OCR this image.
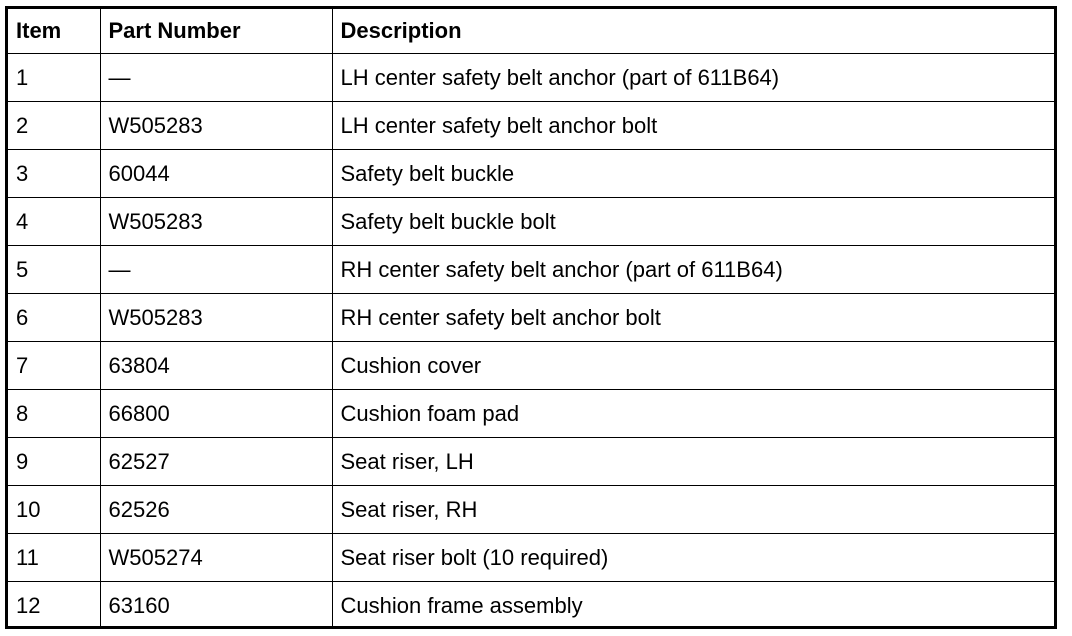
Item	Part Number	Description
1	—	LH center safety belt anchor (part of 611B64)
2	W505283	LH center safety belt anchor bolt
3	60044	Safety belt buckle
4	W505283	Safety belt buckle bolt
5	—	RH center safety belt anchor (part of 611B64)
6	W505283	RH center safety belt anchor bolt
7	63804	Cushion cover
8	66800	Cushion foam pad
9	62527	Seat riser, LH
10	62526	Seat riser, RH
11	W505274	Seat riser bolt (10 required)
12	63160	Cushion frame assembly
